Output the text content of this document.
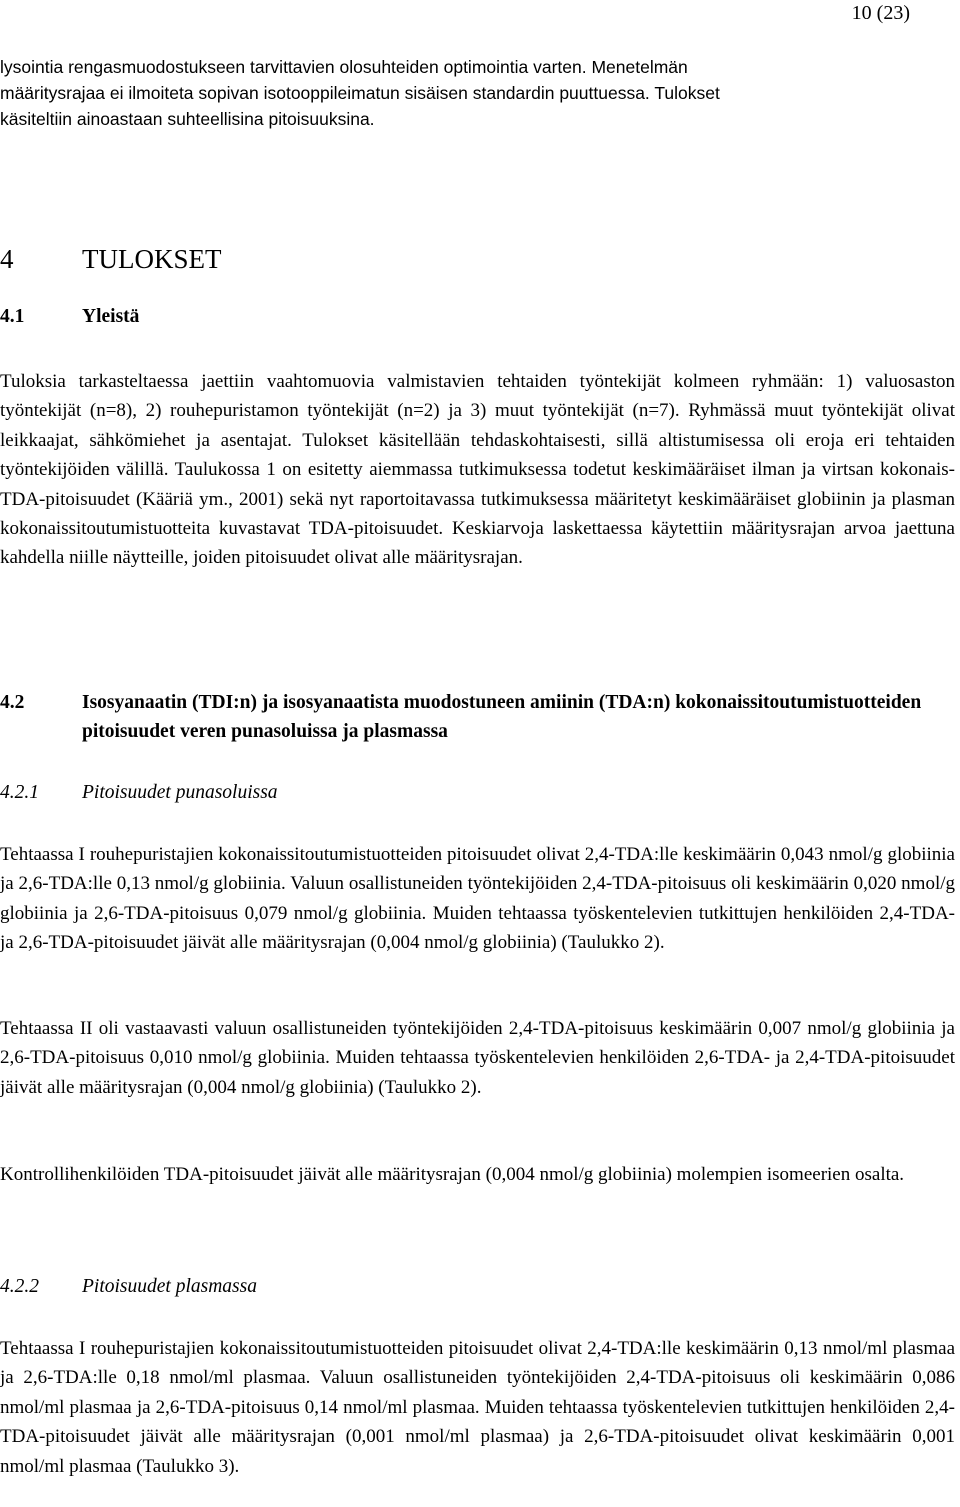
10 (23)

lysointia rengasmuodostukseen tarvittavien olosuhteiden optimointia varten. Menetelmän

määritysrajaa ei ilmoiteta sopivan isotooppileimatun sisäisen standardin puuttuessa. Tulokset

käsiteltiin ainoastaan suhteellisina pitoisuuksina.

4	TULOKSET
4.1	Yleistä

Tuloksia tarkasteltaessa jaettiin vaahtomuovia valmistavien tehtaiden työntekijät kolmeen ryhmään: 1) valuosaston työntekijät (n=8), 2) rouhepuristamon työntekijät (n=2) ja 3) muut työntekijät (n=7). Ryhmässä muut työntekijät olivat leikkaajat, sähkömiehet ja asentajat. Tulokset käsitellään tehdaskohtaisesti, sillä altistumisessa oli eroja eri tehtaiden työntekijöiden välillä. Taulukossa 1 on esitetty aiemmassa tutkimuksessa todetut keskimääräiset ilman ja virtsan kokonais-TDA-pitoisuudet (Kääriä ym., 2001) sekä nyt raportoitavassa tutkimuksessa määritetyt keskimääräiset globiinin ja plasman kokonaissitoutumistuotteita kuvastavat TDA-pitoisuudet. Keskiarvoja laskettaessa käytettiin määritysrajan arvoa jaettuna kahdella niille näytteille, joiden pitoisuudet olivat alle määritysrajan.

4.2	Isosyanaatin (TDI:n) ja isosyanaatista muodostuneen amiinin (TDA:n) kokonaissitoutumistuotteiden pitoisuudet veren punasoluissa ja plasmassa
4.2.1 Pitoisuudet punasoluissa

Tehtaassa I rouhepuristajien kokonaissitoutumistuotteiden pitoisuudet olivat 2,4-TDA:lle keskimäärin 0,043 nmol/g globiinia ja 2,6-TDA:lle 0,13 nmol/g globiinia. Valuun osallistuneiden työntekijöiden 2,4-TDA-pitoisuus oli keskimäärin 0,020 nmol/g globiinia ja 2,6-TDA-pitoisuus 0,079 nmol/g globiinia. Muiden tehtaassa työskentelevien tutkittujen henkilöiden 2,4-TDA- ja 2,6-TDA-pitoisuudet jäivät alle määritysrajan (0,004 nmol/g globiinia) (Taulukko 2).

Tehtaassa II oli vastaavasti valuun osallistuneiden työntekijöiden 2,4-TDA-pitoisuus keskimäärin 0,007 nmol/g globiinia ja 2,6-TDA-pitoisuus 0,010 nmol/g globiinia. Muiden tehtaassa työskentelevien henkilöiden 2,6-TDA- ja 2,4-TDA-pitoisuudet jäivät alle määritysrajan (0,004 nmol/g globiinia) (Taulukko 2).

Kontrollihenkilöiden TDA-pitoisuudet jäivät alle määritysrajan (0,004 nmol/g globiinia) molempien isomeerien osalta.

4.2.2 Pitoisuudet plasmassa

Tehtaassa I rouhepuristajien kokonaissitoutumistuotteiden pitoisuudet olivat 2,4-TDA:lle keskimäärin 0,13 nmol/ml plasmaa ja 2,6-TDA:lle 0,18 nmol/ml plasmaa. Valuun osallistuneiden työntekijöiden 2,4-TDA-pitoisuus oli keskimäärin 0,086 nmol/ml plasmaa ja 2,6-TDA-pitoisuus 0,14 nmol/ml plasmaa. Muiden tehtaassa työskentelevien tutkittujen henkilöiden 2,4-TDA-pitoisuudet jäivät alle määritysrajan (0,001 nmol/ml plasmaa) ja 2,6-TDA-pitoisuudet olivat keskimäärin 0,001 nmol/ml plasmaa (Taulukko 3).
